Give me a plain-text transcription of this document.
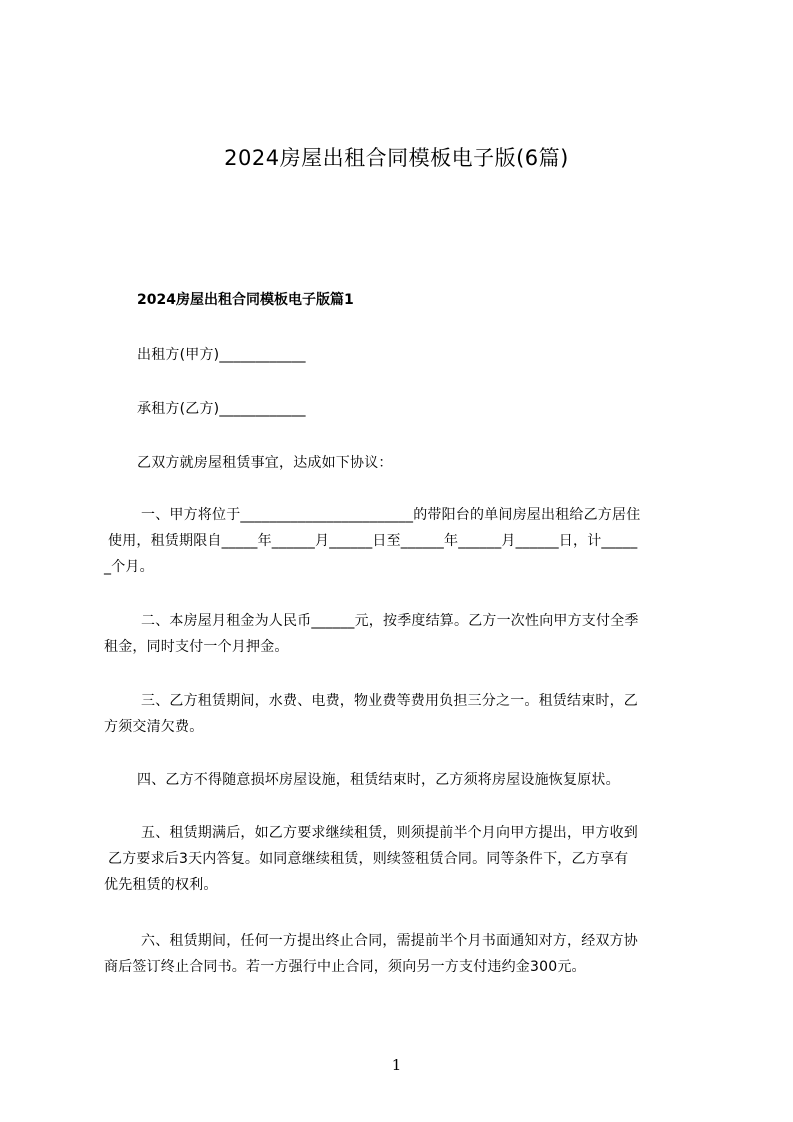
2024房屋出租合同模板电子版(6篇)
2024房屋出租合同模板电子版篇1
出租方(甲方)____________
承租方(乙方)____________
乙双方就房屋租赁事宜，达成如下协议：
一、甲方将位于________________________的带阳台的单间房屋出租给乙方居住
使用，租赁期限自_____年______月______日至______年______月______日，计_____
_个月。
二、本房屋月租金为人民币______元，按季度结算。乙方一次性向甲方支付全季
租金，同时支付一个月押金。
三、乙方租赁期间，水费、电费，物业费等费用负担三分之一。租赁结束时，乙
方须交清欠费。
四、乙方不得随意损坏房屋设施，租赁结束时，乙方须将房屋设施恢复原状。
五、租赁期满后，如乙方要求继续租赁，则须提前半个月向甲方提出，甲方收到
乙方要求后3天内答复。如同意继续租赁，则续签租赁合同。同等条件下，乙方享有
优先租赁的权利。
六、租赁期间，任何一方提出终止合同，需提前半个月书面通知对方，经双方协
商后签订终止合同书。若一方强行中止合同，须向另一方支付违约金300元。
1
